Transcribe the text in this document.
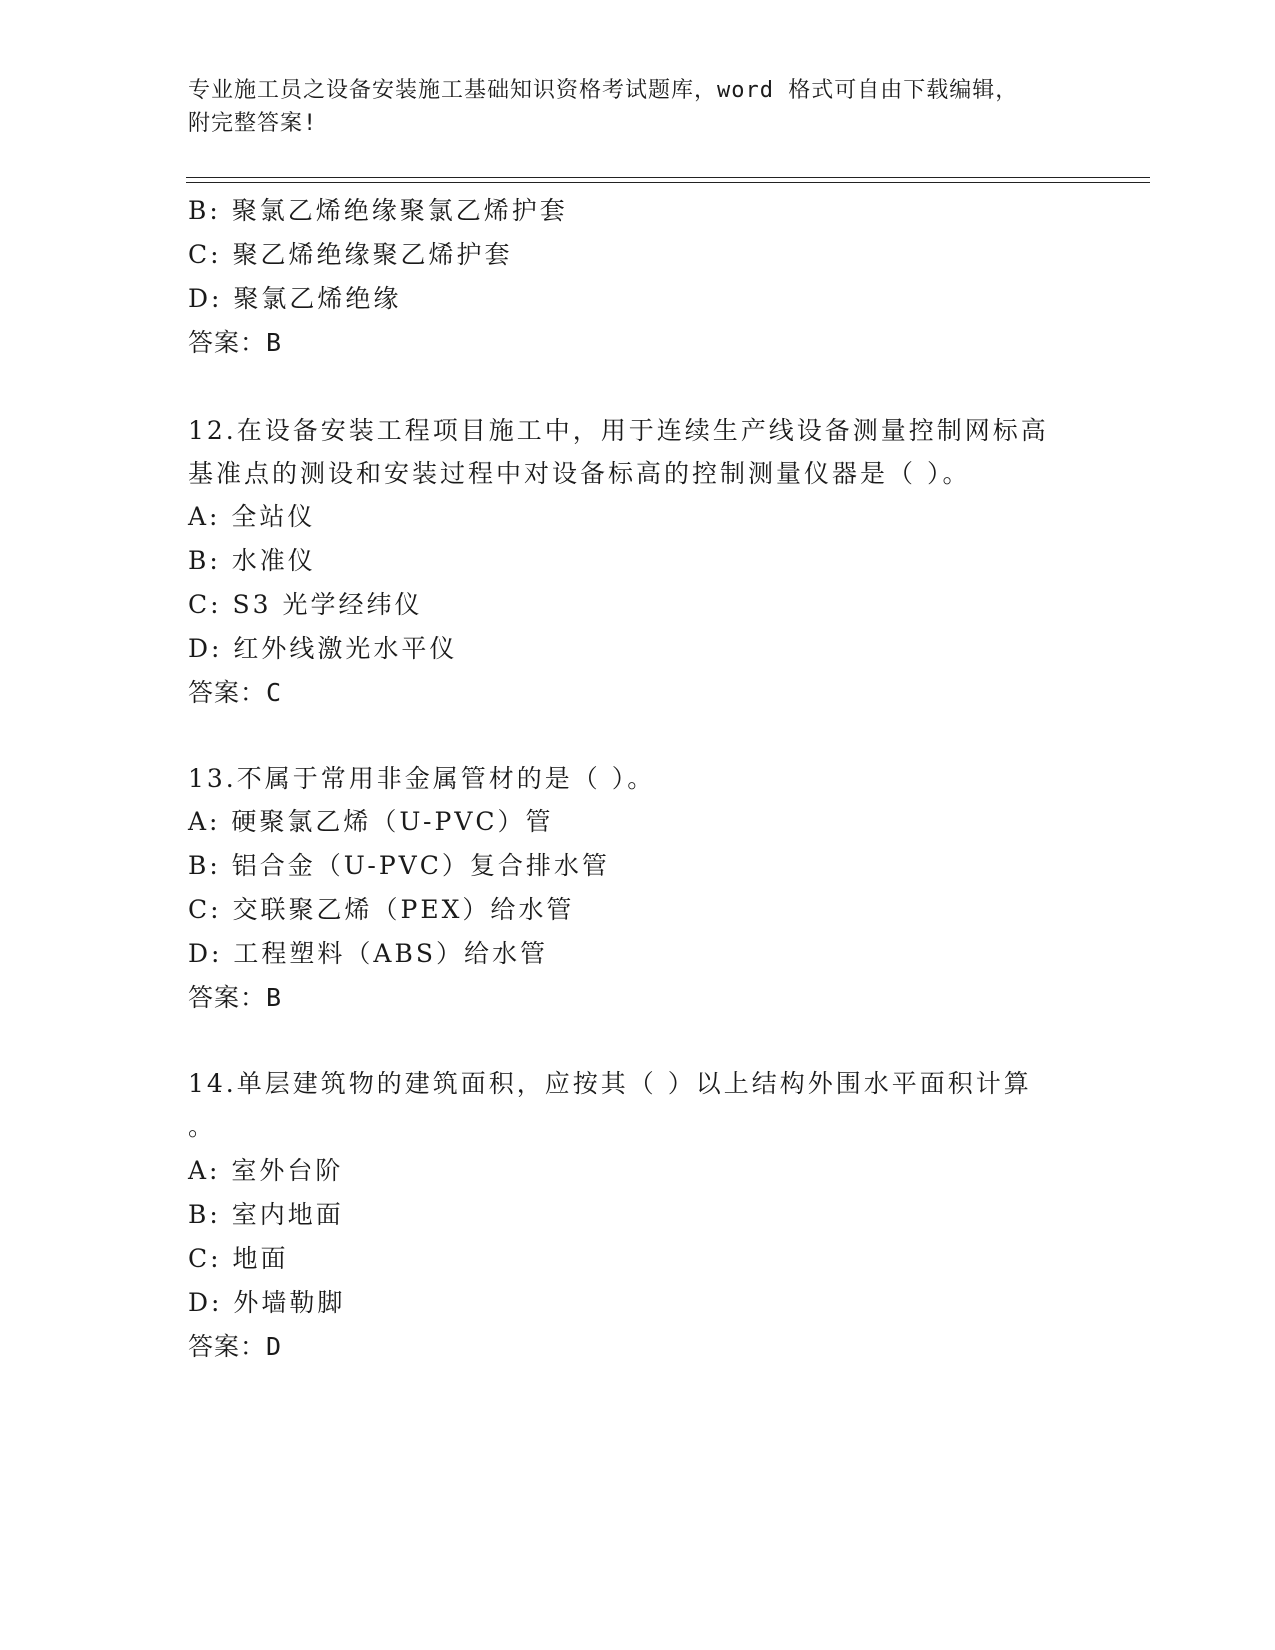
专业施工员之设备安装施工基础知识资格考试题库，word 格式可自由下载编辑，
附完整答案!
B: 聚氯乙烯绝缘聚氯乙烯护套
C: 聚乙烯绝缘聚乙烯护套
D: 聚氯乙烯绝缘
答案：B
12.在设备安装工程项目施工中，用于连续生产线设备测量控制网标高
基准点的测设和安装过程中对设备标高的控制测量仪器是（ ）。
A: 全站仪
B: 水准仪
C: S3 光学经纬仪
D: 红外线激光水平仪
答案：C
13.不属于常用非金属管材的是（ ）。
A: 硬聚氯乙烯（U-PVC）管
B: 铝合金（U-PVC）复合排水管
C: 交联聚乙烯（PEX）给水管
D: 工程塑料（ABS）给水管
答案：B
14.单层建筑物的建筑面积，应按其（ ）以上结构外围水平面积计算
。
A: 室外台阶
B: 室内地面
C: 地面
D: 外墙勒脚
答案：D
